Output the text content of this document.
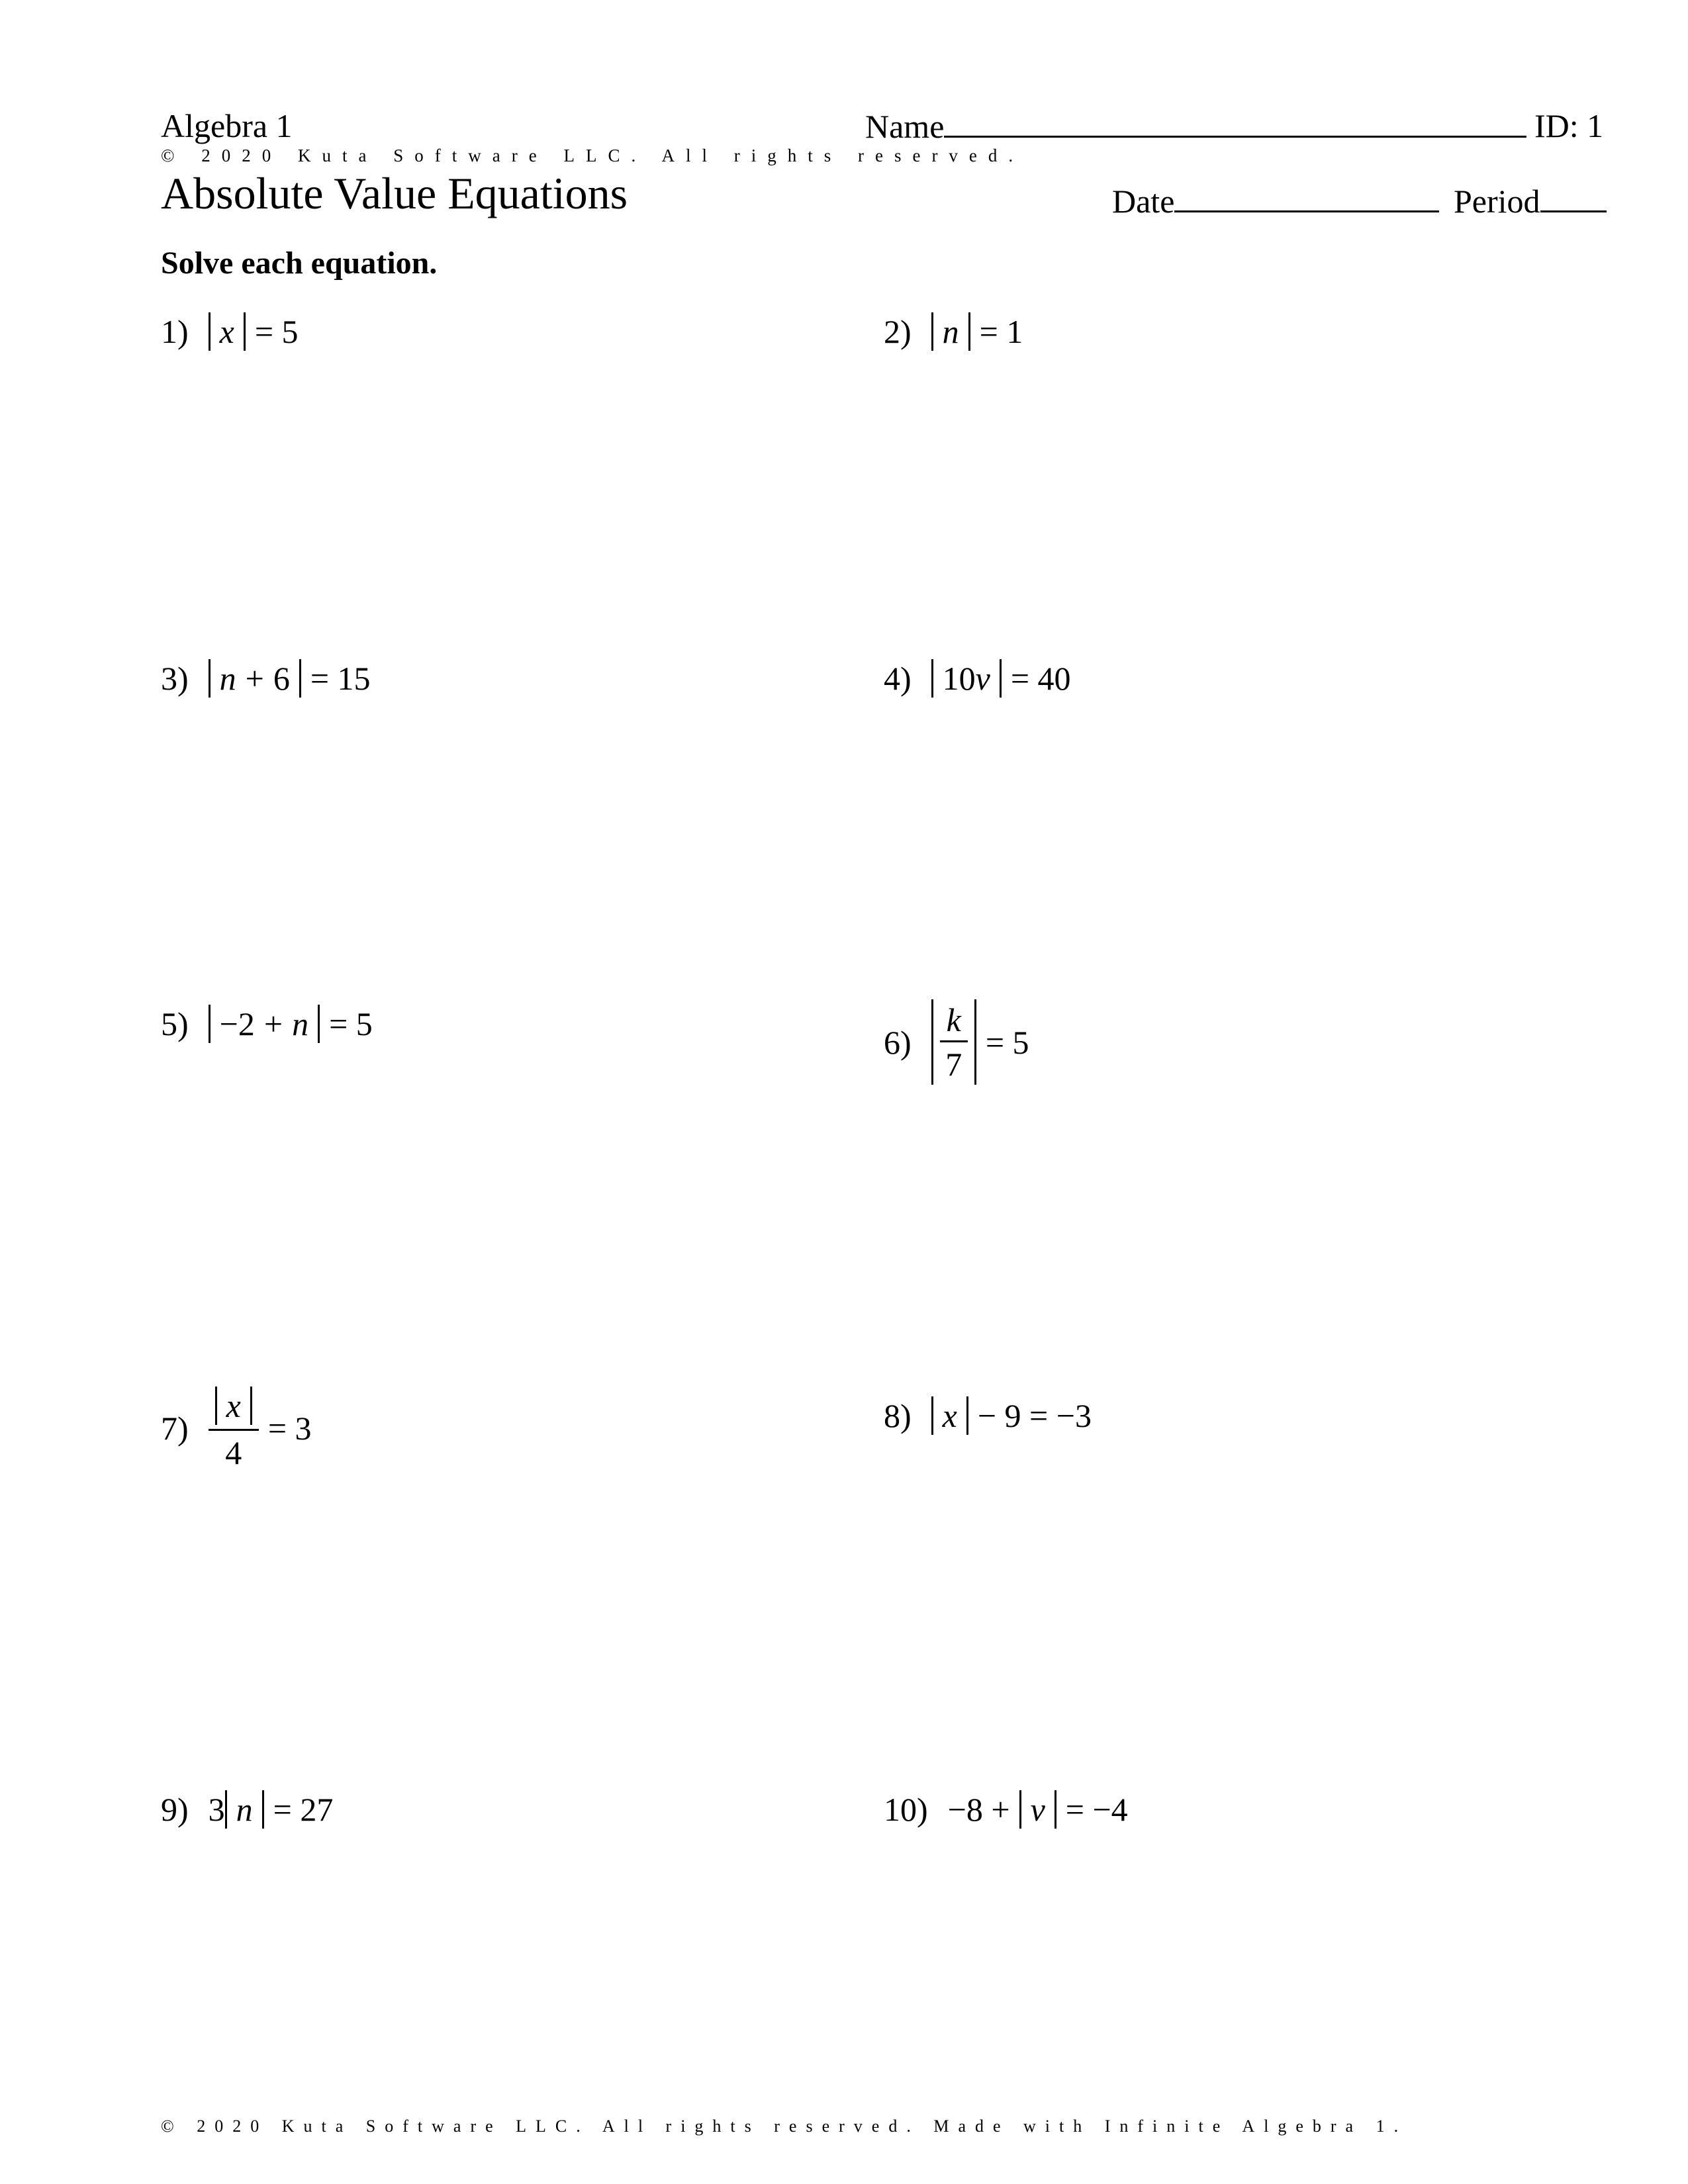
Algebra 1	Name	ID: 1
© 2020 Kuta Software LLC. All rights reserved.
Absolute Value Equations	Date	Period
Solve each equation.
1) x = 5	2) n = 1
3) n + 6 = 15	4) 10v = 40
5) −2 + n = 5	$6) \frac{k}{7} = 5$
$7) \frac{x}{4} = 3$	8) x − 9 = −3
9) 3 n = 27	10) −8 + v = −4
© 2020 Kuta Software LLC. All rights reserved. Made with Infinite Algebra 1.
